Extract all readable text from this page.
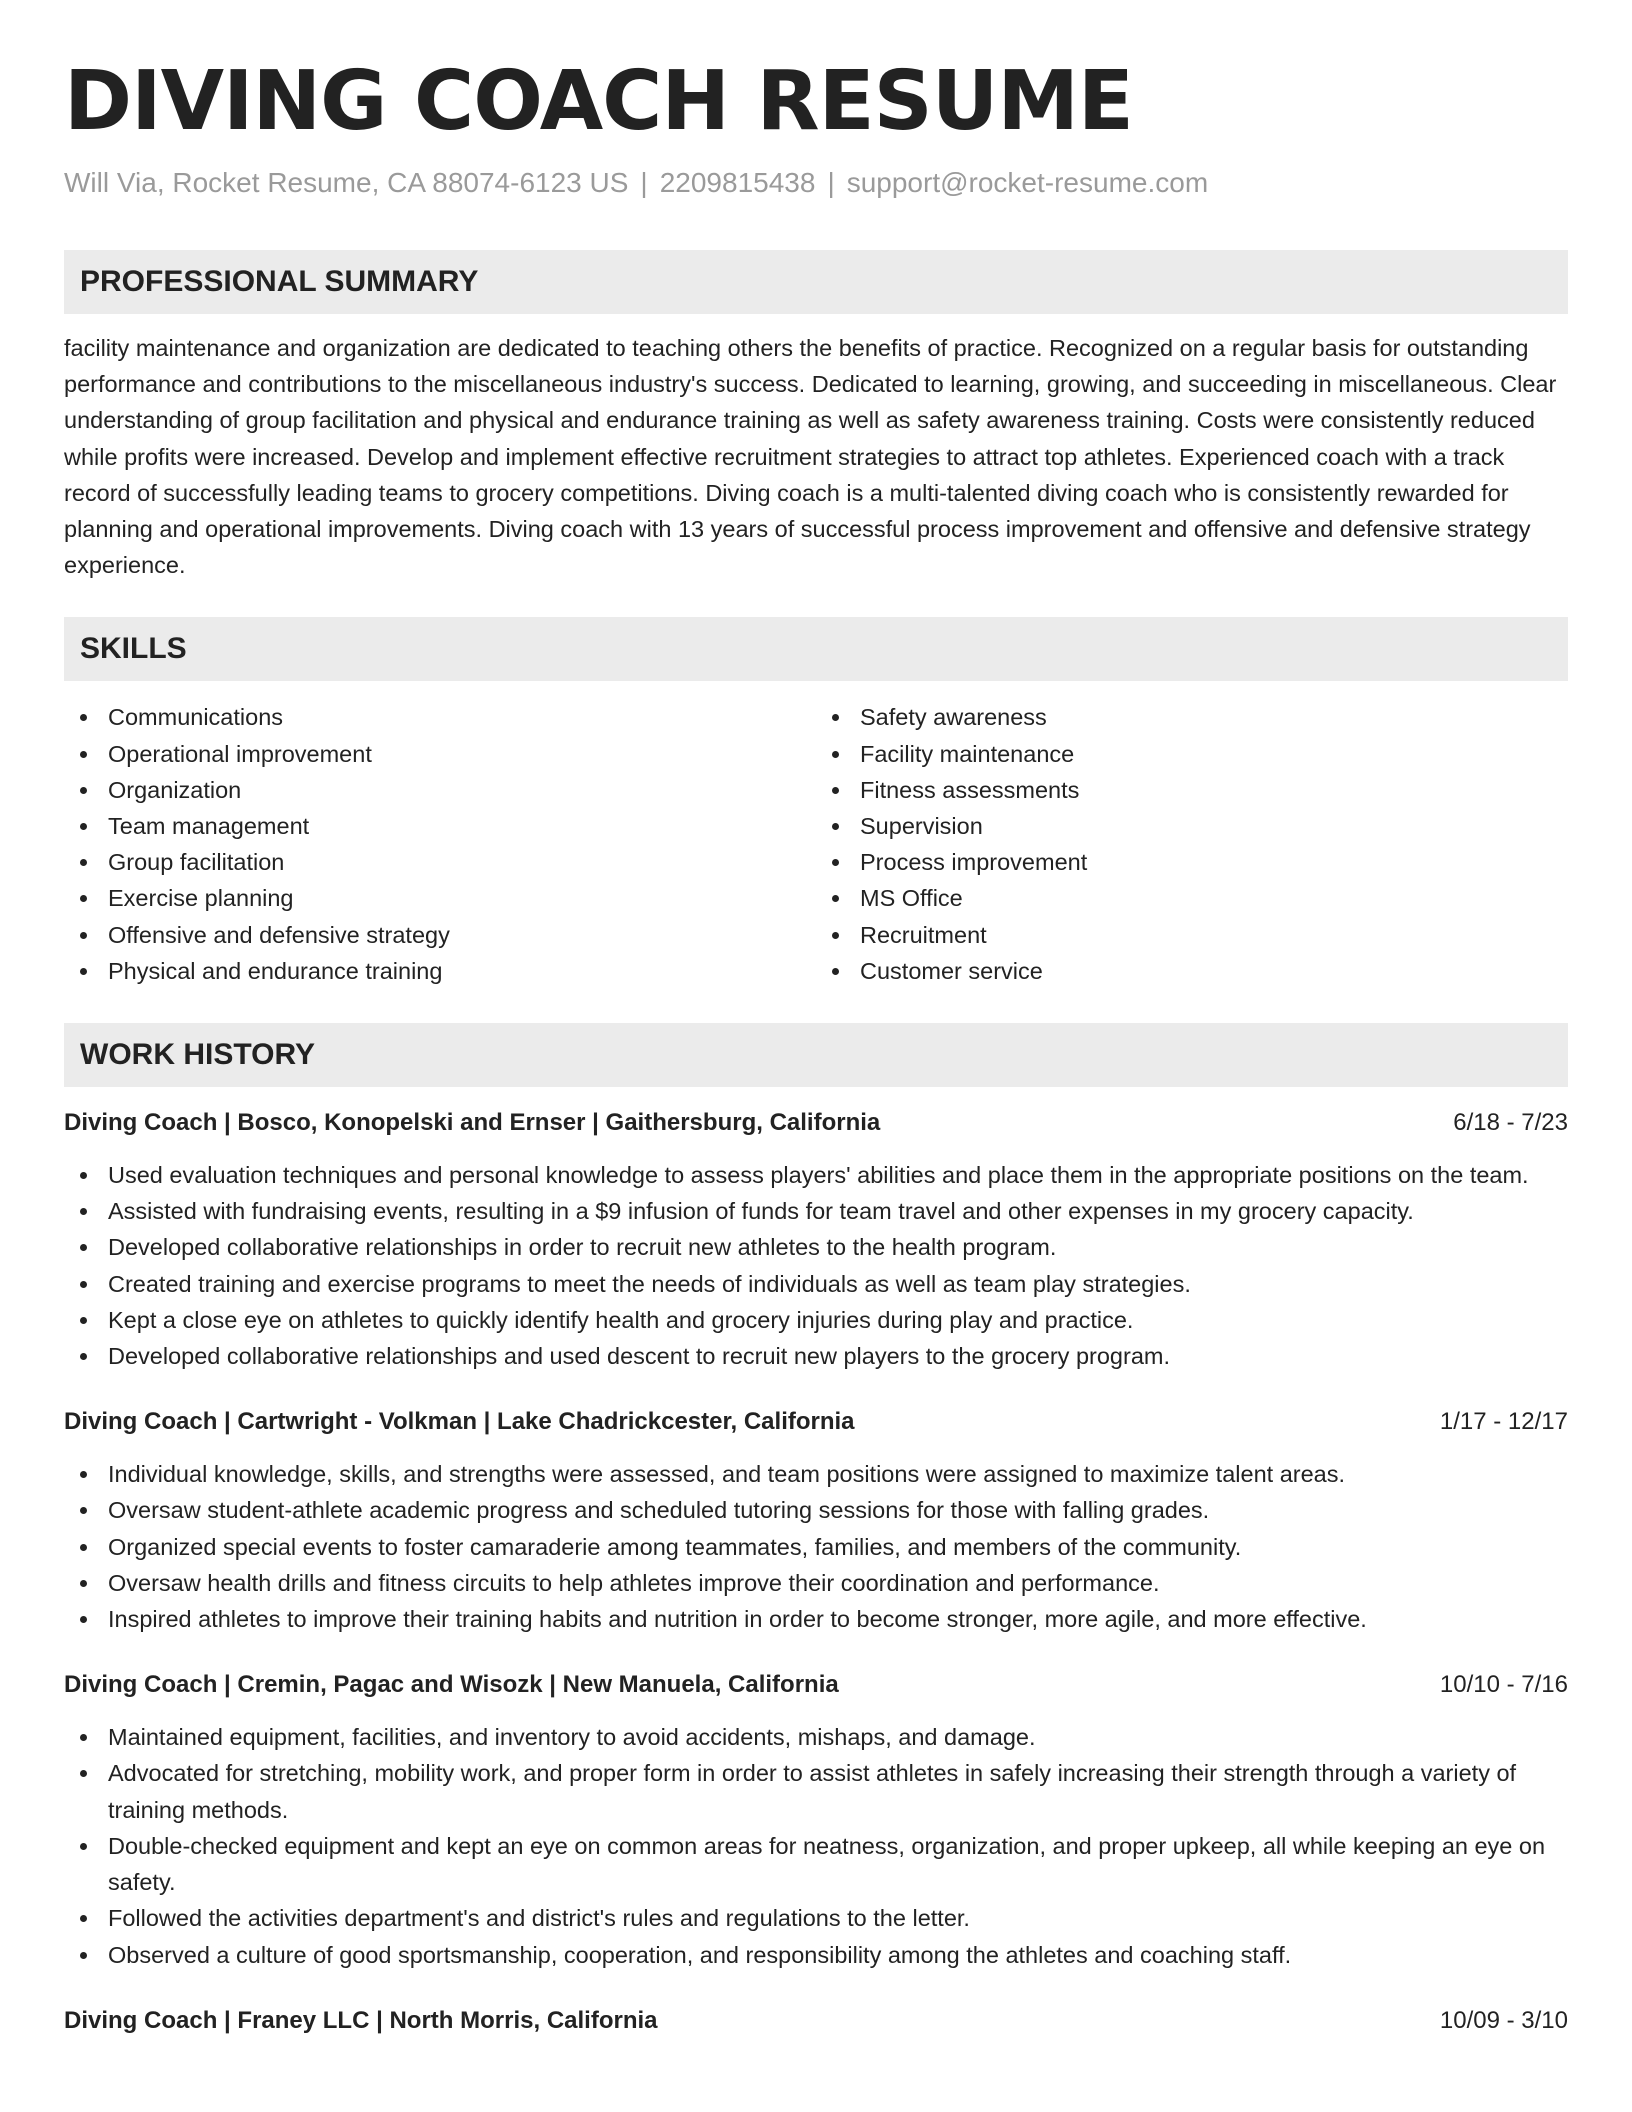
DIVING COACH RESUME
Will Via, Rocket Resume, CA 88074-6123 US | 2209815438 | support@rocket-resume.com
PROFESSIONAL SUMMARY
facility maintenance and organization are dedicated to teaching others the benefits of practice. Recognized on a regular basis for outstanding performance and contributions to the miscellaneous industry's success. Dedicated to learning, growing, and succeeding in miscellaneous. Clear understanding of group facilitation and physical and endurance training as well as safety awareness training. Costs were consistently reduced while profits were increased. Develop and implement effective recruitment strategies to attract top athletes. Experienced coach with a track record of successfully leading teams to grocery competitions. Diving coach is a multi-talented diving coach who is consistently rewarded for planning and operational improvements. Diving coach with 13 years of successful process improvement and offensive and defensive strategy experience.
SKILLS
Communications
Operational improvement
Organization
Team management
Group facilitation
Exercise planning
Offensive and defensive strategy
Physical and endurance training
Safety awareness
Facility maintenance
Fitness assessments
Supervision
Process improvement
MS Office
Recruitment
Customer service
WORK HISTORY
Diving Coach | Bosco, Konopelski and Ernser | Gaithersburg, California	6/18 - 7/23
Used evaluation techniques and personal knowledge to assess players' abilities and place them in the appropriate positions on the team.
Assisted with fundraising events, resulting in a $9 infusion of funds for team travel and other expenses in my grocery capacity.
Developed collaborative relationships in order to recruit new athletes to the health program.
Created training and exercise programs to meet the needs of individuals as well as team play strategies.
Kept a close eye on athletes to quickly identify health and grocery injuries during play and practice.
Developed collaborative relationships and used descent to recruit new players to the grocery program.
Diving Coach | Cartwright - Volkman | Lake Chadrickcester, California	1/17 - 12/17
Individual knowledge, skills, and strengths were assessed, and team positions were assigned to maximize talent areas.
Oversaw student-athlete academic progress and scheduled tutoring sessions for those with falling grades.
Organized special events to foster camaraderie among teammates, families, and members of the community.
Oversaw health drills and fitness circuits to help athletes improve their coordination and performance.
Inspired athletes to improve their training habits and nutrition in order to become stronger, more agile, and more effective.
Diving Coach | Cremin, Pagac and Wisozk | New Manuela, California	10/10 - 7/16
Maintained equipment, facilities, and inventory to avoid accidents, mishaps, and damage.
Advocated for stretching, mobility work, and proper form in order to assist athletes in safely increasing their strength through a variety of training methods.
Double-checked equipment and kept an eye on common areas for neatness, organization, and proper upkeep, all while keeping an eye on safety.
Followed the activities department's and district's rules and regulations to the letter.
Observed a culture of good sportsmanship, cooperation, and responsibility among the athletes and coaching staff.
Diving Coach | Franey LLC | North Morris, California	10/09 - 3/10
